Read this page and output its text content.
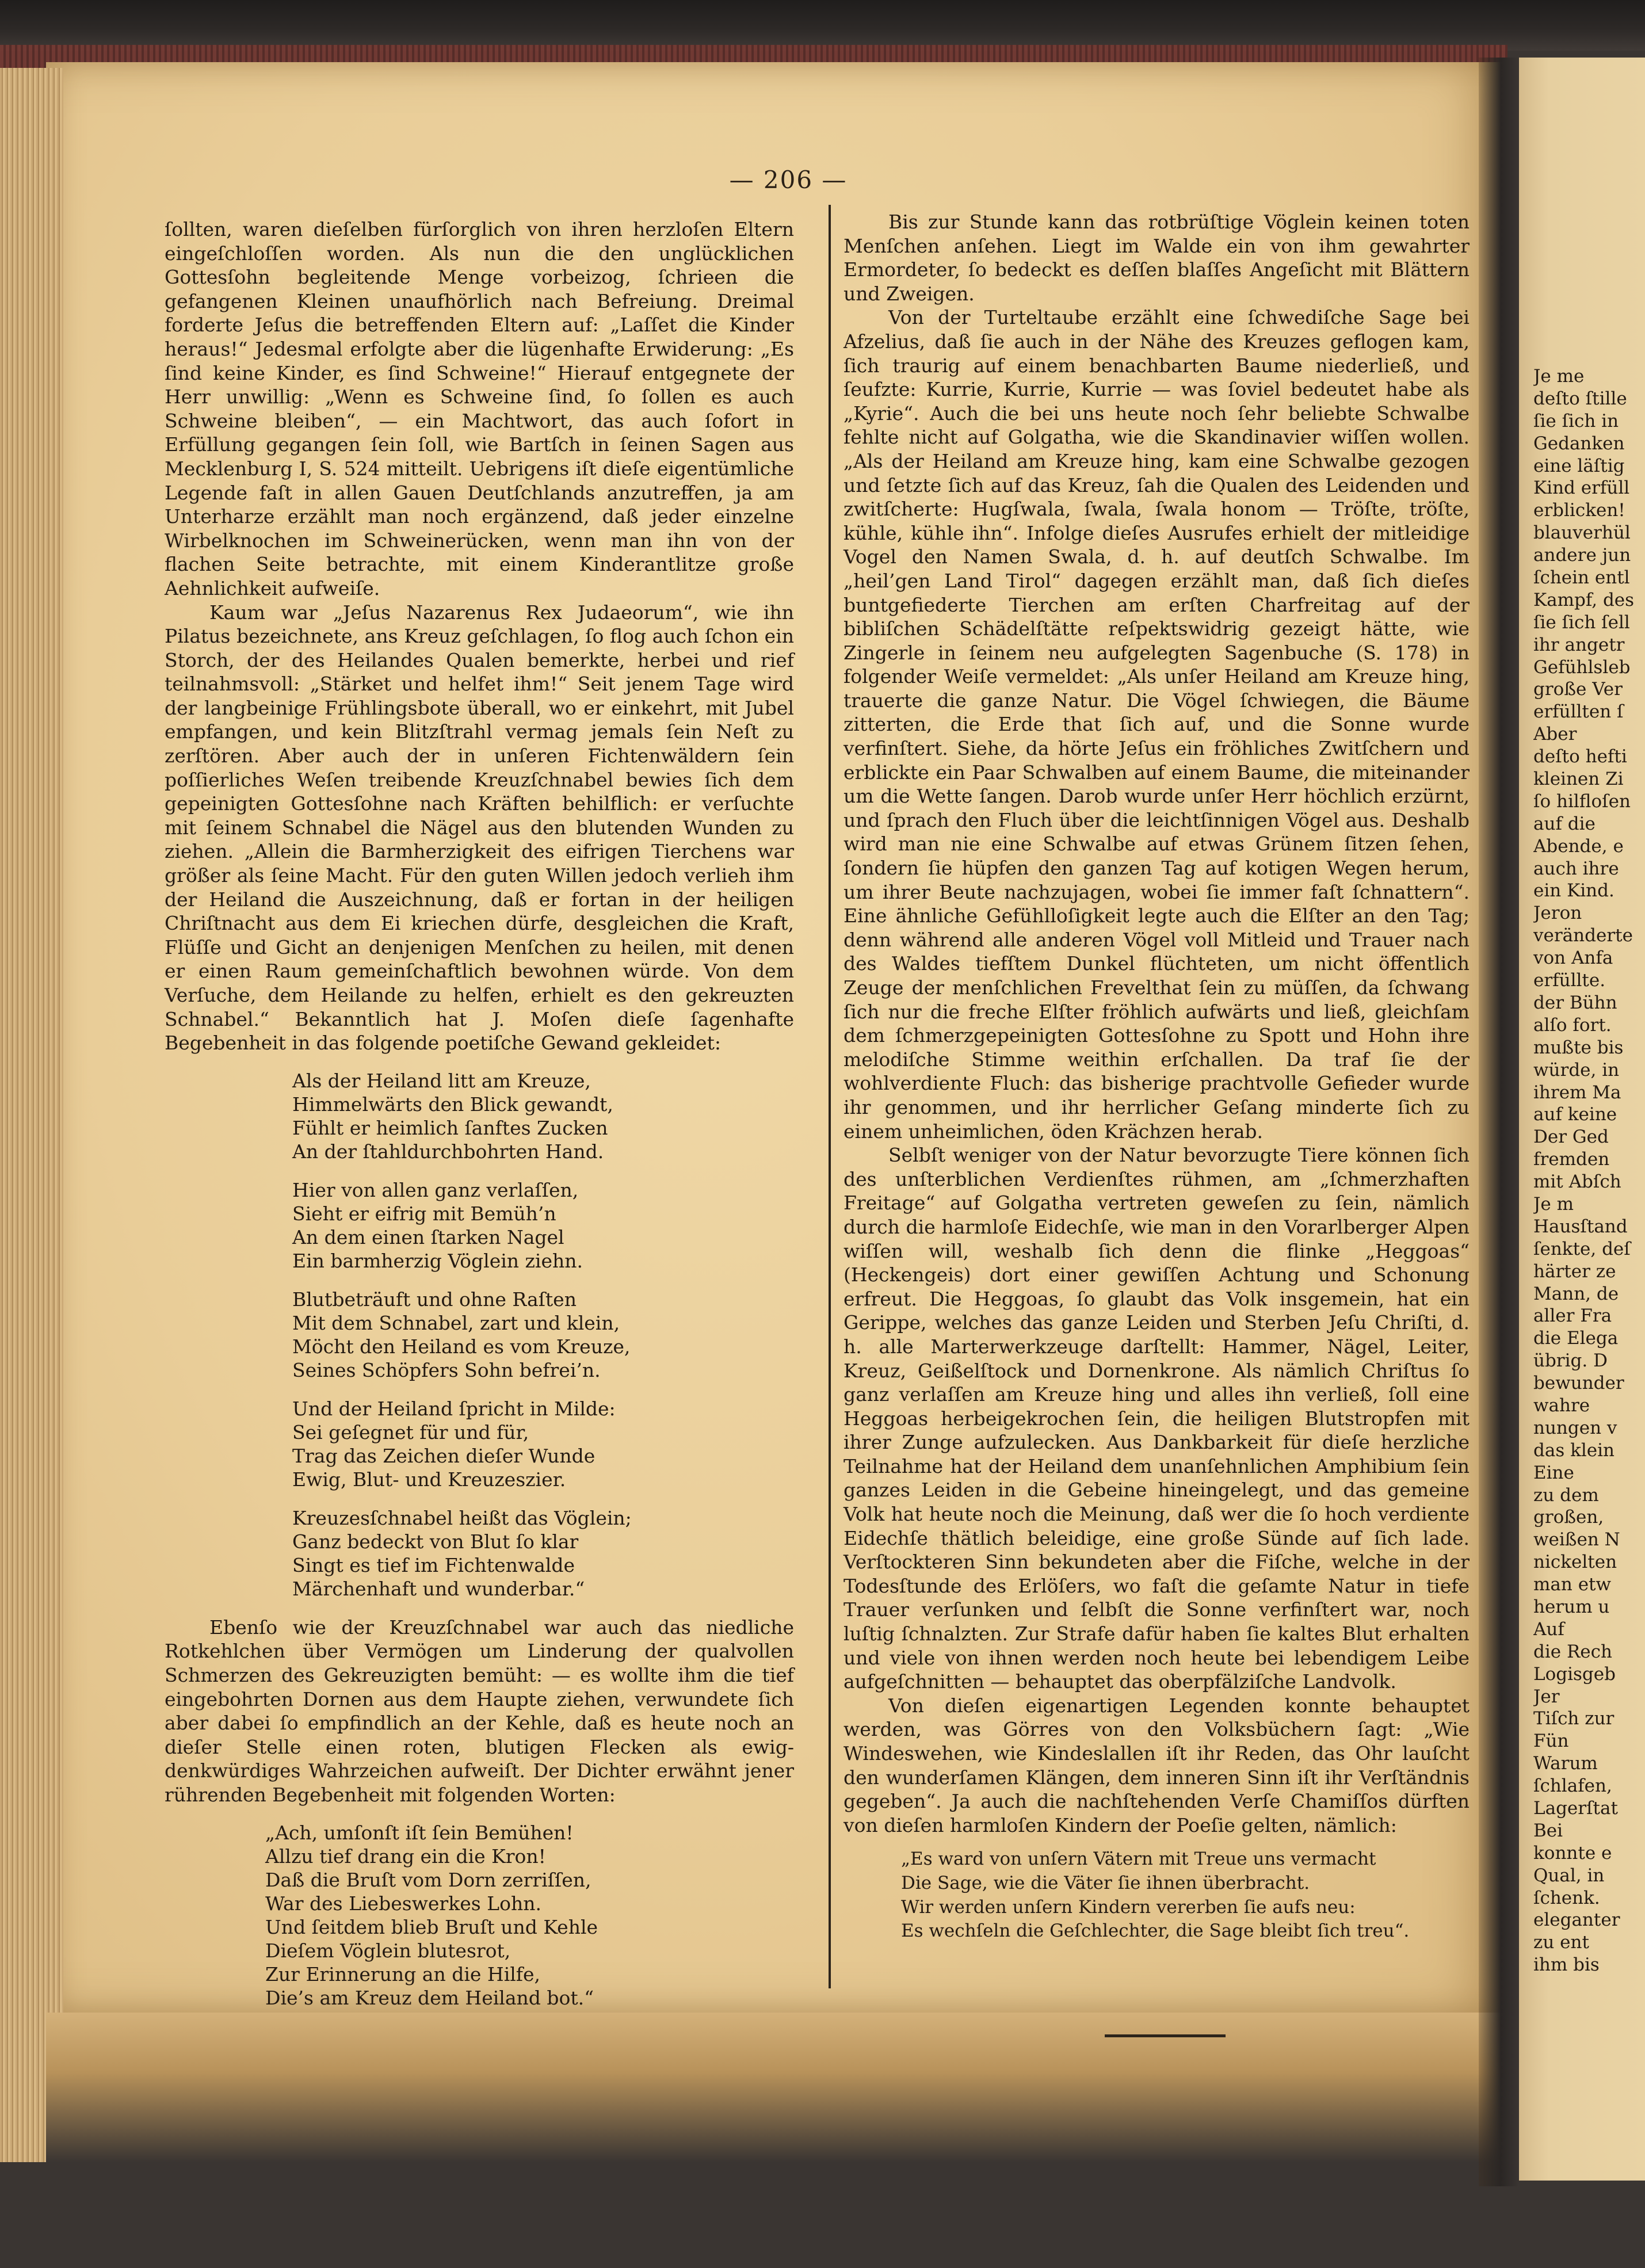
— 206 —

ſollten, waren dieſelben fürſorglich von ihren herzloſen Eltern eingeſchloſſen worden. Als nun die den unglücklichen Gottesſohn begleitende Menge vorbeizog, ſchrieen die gefangenen Kleinen unaufhörlich nach Befreiung. Dreimal forderte Jeſus die betreffenden Eltern auf: „Laſſet die Kinder heraus!“ Jedesmal erfolgte aber die lügenhafte Erwiderung: „Es ſind keine Kinder, es ſind Schweine!“ Hierauf entgegnete der Herr unwillig: „Wenn es Schweine ſind, ſo ſollen es auch Schweine bleiben“, — ein Machtwort, das auch ſofort in Erfüllung gegangen ſein ſoll, wie Bartſch in ſeinen Sagen aus Mecklenburg I, S. 524 mitteilt. Uebrigens iſt dieſe eigentümliche Legende faſt in allen Gauen Deutſchlands anzutreffen, ja am Unterharze erzählt man noch ergänzend, daß jeder einzelne Wirbelknochen im Schweinerücken, wenn man ihn von der flachen Seite betrachte, mit einem Kinderantlitze große Aehnlichkeit aufweiſe.

Kaum war „Jeſus Nazarenus Rex Judaeorum“, wie ihn Pilatus bezeichnete, ans Kreuz geſchlagen, ſo flog auch ſchon ein Storch, der des Heilandes Qualen bemerkte, herbei und rief teilnahmsvoll: „Stärket und helfet ihm!“ Seit jenem Tage wird der langbeinige Frühlingsbote überall, wo er einkehrt, mit Jubel empfangen, und kein Blitzſtrahl vermag jemals ſein Neſt zu zerſtören. Aber auch der in unſeren Fichtenwäldern ſein poſſierliches Weſen treibende Kreuzſchnabel bewies ſich dem gepeinigten Gottesſohne nach Kräften behilflich: er verſuchte mit ſeinem Schnabel die Nägel aus den blutenden Wunden zu ziehen. „Allein die Barmherzigkeit des eifrigen Tierchens war größer als ſeine Macht. Für den guten Willen jedoch verlieh ihm der Heiland die Auszeichnung, daß er fortan in der heiligen Chriſtnacht aus dem Ei kriechen dürfe, desgleichen die Kraft, Flüſſe und Gicht an denjenigen Menſchen zu heilen, mit denen er einen Raum gemeinſchaftlich bewohnen würde. Von dem Verſuche, dem Heilande zu helfen, erhielt es den gekreuzten Schnabel.“ Bekanntlich hat J. Moſen dieſe ſagenhafte Begebenheit in das folgende poetiſche Gewand gekleidet:

Als der Heiland litt am Kreuze,
Himmelwärts den Blick gewandt,
Fühlt er heimlich ſanftes Zucken
An der ſtahldurchbohrten Hand.
Hier von allen ganz verlaſſen,
Sieht er eifrig mit Bemüh’n
An dem einen ſtarken Nagel
Ein barmherzig Vöglein ziehn.
Blutbeträuft und ohne Raſten
Mit dem Schnabel, zart und klein,
Möcht den Heiland es vom Kreuze,
Seines Schöpfers Sohn befrei’n.
Und der Heiland ſpricht in Milde:
Sei geſegnet für und für,
Trag das Zeichen dieſer Wunde
Ewig, Blut- und Kreuzeszier.
Kreuzesſchnabel heißt das Vöglein;
Ganz bedeckt von Blut ſo klar
Singt es tief im Fichtenwalde
Märchenhaft und wunderbar.“

Ebenſo wie der Kreuzſchnabel war auch das niedliche Rotkehlchen über Vermögen um Linderung der qualvollen Schmerzen des Gekreuzigten bemüht: — es wollte ihm die tief eingebohrten Dornen aus dem Haupte ziehen, verwundete ſich aber dabei ſo empfindlich an der Kehle, daß es heute noch an dieſer Stelle einen roten, blutigen Flecken als ewig-denkwürdiges Wahrzeichen aufweiſt. Der Dichter erwähnt jener rührenden Begebenheit mit folgenden Worten:

„Ach, umſonſt iſt ſein Bemühen!
Allzu tief drang ein die Kron!
Daß die Bruſt vom Dorn zerriſſen,
War des Liebeswerkes Lohn.
Und ſeitdem blieb Bruſt und Kehle
Dieſem Vöglein blutesrot,
Zur Erinnerung an die Hilfe,
Die’s am Kreuz dem Heiland bot.“

Bis zur Stunde kann das rotbrüſtige Vöglein keinen toten Menſchen anſehen. Liegt im Walde ein von ihm gewahrter Ermordeter, ſo bedeckt es deſſen blaſſes Angeſicht mit Blättern und Zweigen.

Von der Turteltaube erzählt eine ſchwediſche Sage bei Afzelius, daß ſie auch in der Nähe des Kreuzes geflogen kam, ſich traurig auf einem benachbarten Baume niederließ, und ſeufzte: Kurrie, Kurrie, Kurrie — was ſoviel bedeutet habe als „Kyrie“. Auch die bei uns heute noch ſehr beliebte Schwalbe fehlte nicht auf Golgatha, wie die Skandinavier wiſſen wollen. „Als der Heiland am Kreuze hing, kam eine Schwalbe gezogen und ſetzte ſich auf das Kreuz, ſah die Qualen des Leidenden und zwitſcherte: Hugſwala, ſwala, ſwala honom — Tröſte, tröſte, kühle, kühle ihn“. Infolge dieſes Ausrufes erhielt der mitleidige Vogel den Namen Swala, d. h. auf deutſch Schwalbe. Im „heil’gen Land Tirol“ dagegen erzählt man, daß ſich dieſes buntgefiederte Tierchen am erſten Charfreitag auf der bibliſchen Schädelſtätte reſpektswidrig gezeigt hätte, wie Zingerle in ſeinem neu aufgelegten Sagenbuche (S. 178) in folgender Weiſe vermeldet: „Als unſer Heiland am Kreuze hing, trauerte die ganze Natur. Die Vögel ſchwiegen, die Bäume zitterten, die Erde that ſich auf, und die Sonne wurde verfinſtert. Siehe, da hörte Jeſus ein fröhliches Zwitſchern und erblickte ein Paar Schwalben auf einem Baume, die miteinander um die Wette ſangen. Darob wurde unſer Herr höchlich erzürnt, und ſprach den Fluch über die leichtſinnigen Vögel aus. Deshalb wird man nie eine Schwalbe auf etwas Grünem ſitzen ſehen, ſondern ſie hüpfen den ganzen Tag auf kotigen Wegen herum, um ihrer Beute nachzujagen, wobei ſie immer faſt ſchnattern“. Eine ähnliche Gefühlloſigkeit legte auch die Elſter an den Tag; denn während alle anderen Vögel voll Mitleid und Trauer nach des Waldes tiefſtem Dunkel flüchteten, um nicht öffentlich Zeuge der menſchlichen Frevelthat ſein zu müſſen, da ſchwang ſich nur die freche Elſter fröhlich aufwärts und ließ, gleichſam dem ſchmerzgepeinigten Gottesſohne zu Spott und Hohn ihre melodiſche Stimme weithin erſchallen. Da traf ſie der wohlverdiente Fluch: das bisherige prachtvolle Gefieder wurde ihr genommen, und ihr herrlicher Geſang minderte ſich zu einem unheimlichen, öden Krächzen herab.

Selbſt weniger von der Natur bevorzugte Tiere können ſich des unſterblichen Verdienſtes rühmen, am „ſchmerzhaften Freitage“ auf Golgatha vertreten geweſen zu ſein, nämlich durch die harmloſe Eidechſe, wie man in den Vorarlberger Alpen wiſſen will, weshalb ſich denn die flinke „Heggoas“ (Heckengeis) dort einer gewiſſen Achtung und Schonung erfreut. Die Heggoas, ſo glaubt das Volk insgemein, hat ein Gerippe, welches das ganze Leiden und Sterben Jeſu Chriſti, d. h. alle Marterwerkzeuge darſtellt: Hammer, Nägel, Leiter, Kreuz, Geißelſtock und Dornenkrone. Als nämlich Chriſtus ſo ganz verlaſſen am Kreuze hing und alles ihn verließ, ſoll eine Heggoas herbeigekrochen ſein, die heiligen Blutstropfen mit ihrer Zunge aufzulecken. Aus Dankbarkeit für dieſe herzliche Teilnahme hat der Heiland dem unanſehnlichen Amphibium ſein ganzes Leiden in die Gebeine hineingelegt, und das gemeine Volk hat heute noch die Meinung, daß wer die ſo hoch verdiente Eidechſe thätlich beleidige, eine große Sünde auf ſich lade. Verſtockteren Sinn bekundeten aber die Fiſche, welche in der Todesſtunde des Erlöſers, wo faſt die geſamte Natur in tiefe Trauer verſunken und ſelbſt die Sonne verfinſtert war, noch luſtig ſchnalzten. Zur Strafe dafür haben ſie kaltes Blut erhalten und viele von ihnen werden noch heute bei lebendigem Leibe aufgeſchnitten — behauptet das oberpfälziſche Landvolk.

Von dieſen eigenartigen Legenden konnte behauptet werden, was Görres von den Volksbüchern ſagt: „Wie Windeswehen, wie Kindeslallen iſt ihr Reden, das Ohr lauſcht den wunderſamen Klängen, dem inneren Sinn iſt ihr Verſtändnis gegeben“. Ja auch die nachſtehenden Verſe Chamiſſos dürften von dieſen harmloſen Kindern der Poeſie gelten, nämlich:

„Es ward von unſern Vätern mit Treue uns vermacht
Die Sage, wie die Väter ſie ihnen überbracht.
Wir werden unſern Kindern vererben ſie aufs neu:
Es wechſeln die Geſchlechter, die Sage bleibt ſich treu“.
Je me
deſto ſtille
ſie ſich in
Gedanken
eine läſtig
Kind erfüll
erblicken!
blauverhül
andere jun
ſchein entl
Kampf, des
ſie ſich ſell
ihr angetr
Gefühlsleb
große Ver
erfüllten ſ
Aber
deſto hefti
kleinen Zi
ſo hilfloſen
auf die
Abende, e
auch ihre
ein Kind.
Jeron
veränderte
von Anfa
erfüllte.
der Bühn
alſo fort.
mußte bis
würde, in
ihrem Ma
auf keine
Der Ged
fremden
mit Abſch
Je m
Hausſtand
ſenkte, deſ
härter ze
Mann, de
aller Fra
die Elega
übrig. D
bewunder
wahre
nungen v
das klein
Eine
zu dem
großen,
weißen N
nickelten
man etw
herum u
Auf
die Rech
Logisgeb
Jer
Tiſch zur
Fün
Warum
ſchlafen,
Lagerſtat
Bei
konnte e
Qual, in
ſchenk.
eleganter
zu ent
ihm bis
